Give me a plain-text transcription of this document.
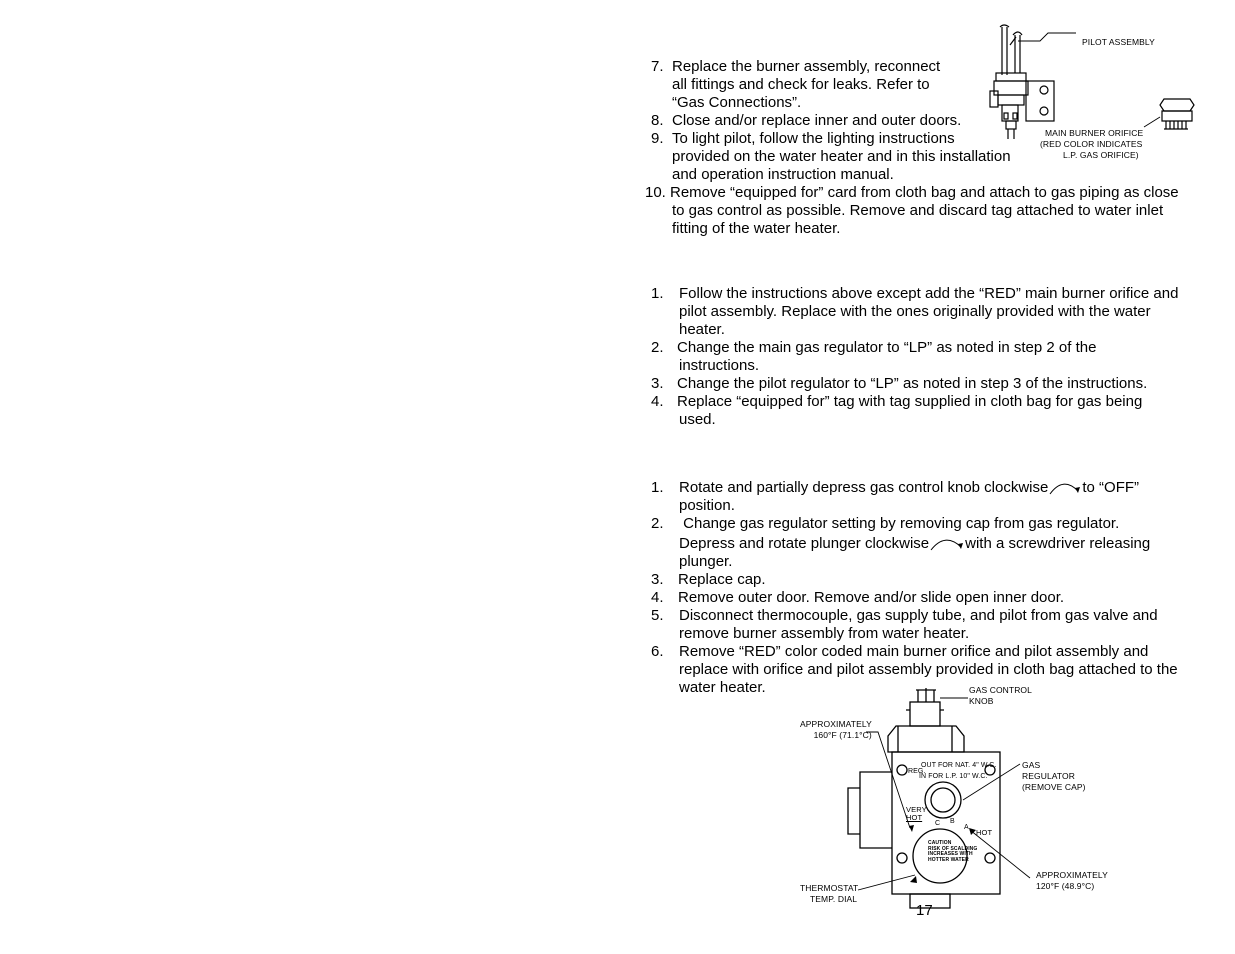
7. Replace the burner assembly, reconnect
all fittings and check for leaks. Refer to
“Gas Connections”.
8. Close and/or replace inner and outer doors.
9. To light pilot, follow the lighting instructions
provided on the water heater and in this installation
and operation instruction manual.
10. Remove “equipped for” card from cloth bag and attach to gas piping as close
to gas control as possible. Remove and discard tag attached to water inlet
fitting of the water heater.
PILOT ASSEMBLY
MAIN BURNER ORIFICE
(RED COLOR INDICATES
L.P. GAS ORIFICE)
1. Follow the instructions above except add the “RED” main burner orifice and
pilot assembly. Replace with the ones originally provided with the water
heater.
2. Change the main gas regulator to “LP” as noted in step 2 of the
instructions.
3. Change the pilot regulator to “LP” as noted in step 3 of the instructions.
4. Replace “equipped for” tag with tag supplied in cloth bag for gas being
used.
1. Rotate and partially depress gas control knob clockwise to “OFF”
position.
2. Change gas regulator setting by removing cap from gas regulator.
Depress and rotate plunger clockwise with a screwdriver releasing
plunger.
3. Replace cap.
4. Remove outer door. Remove and/or slide open inner door.
5. Disconnect thermocouple, gas supply tube, and pilot from gas valve and
remove burner assembly from water heater.
6. Remove “RED” color coded main burner orifice and pilot assembly and
replace with orifice and pilot assembly provided in cloth bag attached to the
water heater.
OUT FOR NAT. 4" W.C.
REG.
IN FOR L.P. 10" W.C.
VERY
HOT
C B
A
HOT
CAUTION
RISK OF SCALDING
INCREASES WITH
HOTTER WATER
GAS CONTROL
KNOB
APPROXIMATELY
160°F (71.1°C)
GAS
REGULATOR
(REMOVE CAP)
APPROXIMATELY
120°F (48.9°C)
THERMOSTAT
TEMP. DIAL
17
